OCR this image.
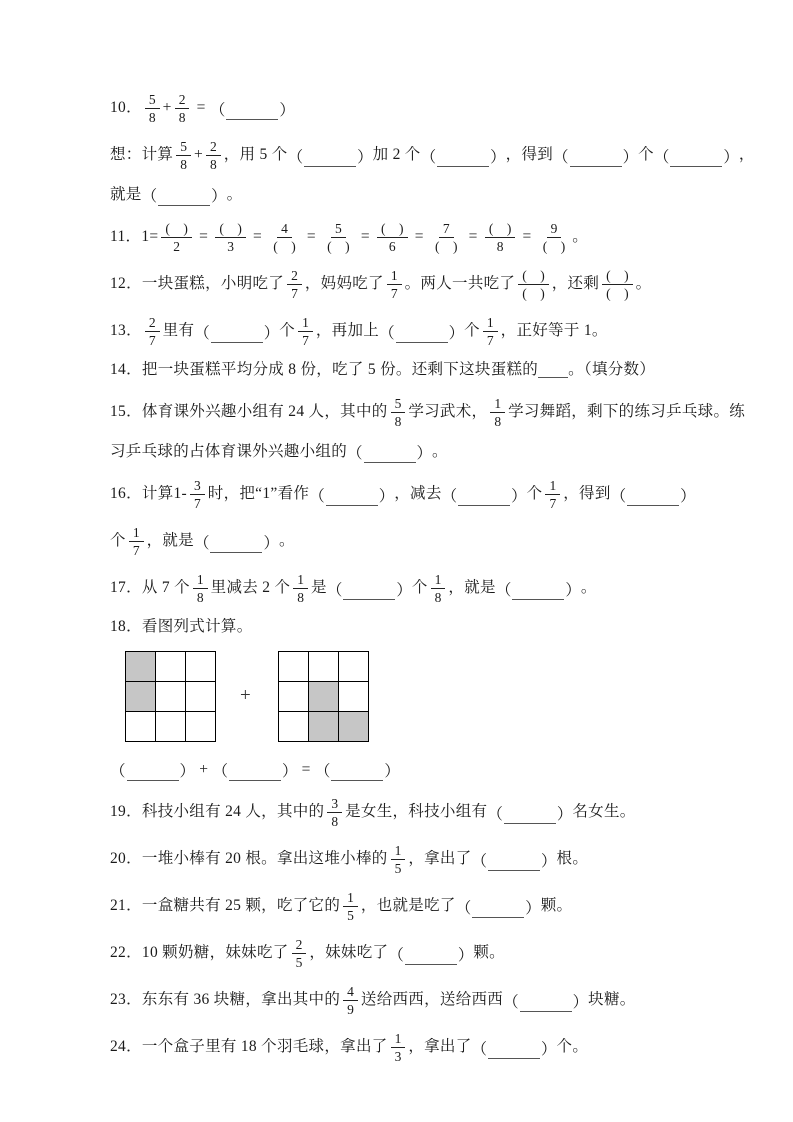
10． $\frac{5}{8} + \frac{2}{8}$ = （	）
想：计算 $\frac{5}{8} + \frac{2}{8}$ ，用 5 个 （	） 加 2 个 （	） ，得到 （	） 个 （	） ，
就是 （	） 。
11．$1= \frac{( )}{2} = \frac{( )}{3} = \frac{4}{( )} = \frac{5}{( )} = \frac{( )}{6} = \frac{7}{( )} = \frac{( )}{8} = \frac{9}{( )}$ 。
12．一块蛋糕，小明吃了 $\frac{2}{7}$ ，妈妈吃了 $\frac{1}{7}$ 。两人一共吃了 $\frac{( )}{( )}$ ，还剩 $\frac{( )}{( )}$ 。
13． $\frac{2}{7}$ 里有 （	） 个 $\frac{1}{7}$ ，再加上 （	） 个 $\frac{1}{7}$ ，正好等于 1。
14．把一块蛋糕平均分成 8 份，吃了 5 份。还剩下这块蛋糕的 。（填分数）
15．体育课外兴趣小组有 24 人，其中的 $\frac{5}{8}$ 学习武术， $\frac{1}{8}$ 学习舞蹈，剩下的练习乒乓球。练
习乒乓球的占体育课外兴趣小组的 （	） 。
16．计算$1- \frac{3}{7}$ 时，把“1”看作 （	） ，减去 （	） 个 $\frac{1}{7}$ ，得到 （	）
个 $\frac{1}{7}$ ，就是 （	） 。
17．从 7 个 $\frac{1}{8}$ 里减去 2 个 $\frac{1}{8}$ 是 （	） 个 $\frac{1}{8}$ ，就是 （	） 。
18．看图列式计算。
+
（	） + （	） = （	）
19．科技小组有 24 人，其中的 $\frac{3}{8}$ 是女生，科技小组有 （	） 名女生。
20．一堆小棒有 20 根。拿出这堆小棒的 $\frac{1}{5}$ ，拿出了 （	） 根。
21．一盒糖共有 25 颗，吃了它的 $\frac{1}{5}$ ，也就是吃了 （	） 颗。
22．10 颗奶糖，妹妹吃了 $\frac{2}{5}$ ，妹妹吃了 （	） 颗。
23．东东有 36 块糖，拿出其中的 $\frac{4}{9}$ 送给西西，送给西西 （	） 块糖。
24．一个盒子里有 18 个羽毛球，拿出了 $\frac{1}{3}$ ，拿出了 （	） 个。
